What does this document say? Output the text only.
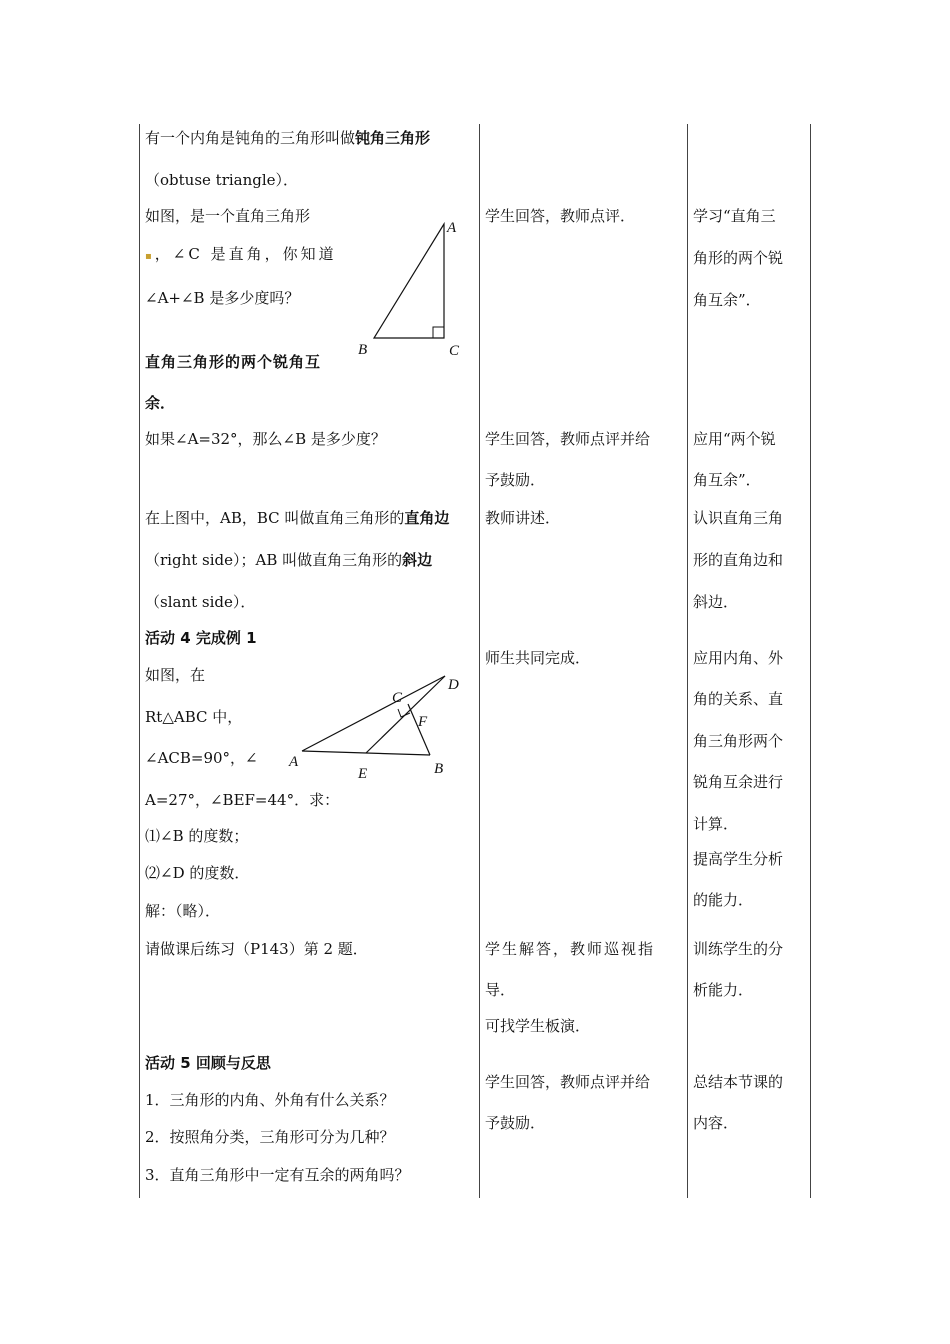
有一个内角是钝角的三角形叫做钝角三角形
（obtuse triangle）．
如图，是一个直角三角形
▪，∠C 是直角，你知道
∠A+∠B 是多少度吗？
A
B	C
直角三角形的两个锐角互
余．
如果∠A=32°，那么∠B 是多少度？
在上图中，AB，BC 叫做直角三角形的直角边
（right side）；AB 叫做直角三角形的斜边
（slant side）．
活动 4 完成例 1
如图，在
Rt△ABC 中，
∠ACB=90°，∠
A=27°，∠BEF=44°．求：
⑴∠B 的度数；
⑵∠D 的度数．
解：（略）．
A	B
C
D
E
F
请做课后练习（P143）第 2 题．
活动 5 回顾与反思
1．三角形的内角、外角有什么关系？
2．按照角分类，三角形可分为几种？
3．直角三角形中一定有互余的两角吗？
学生回答，教师点评．
学生回答，教师点评并给
予鼓励．
教师讲述．
师生共同完成．
学生解答，教师巡视指
导．
可找学生板演．
学生回答，教师点评并给
予鼓励．
学习“直角三
角形的两个锐
角互余”．
应用“两个锐
角互余”．
认识直角三角
形的直角边和
斜边．
应用内角、外
角的关系、直
角三角形两个
锐角互余进行
计算．
提高学生分析
的能力．
训练学生的分
析能力．
总结本节课的
内容．
